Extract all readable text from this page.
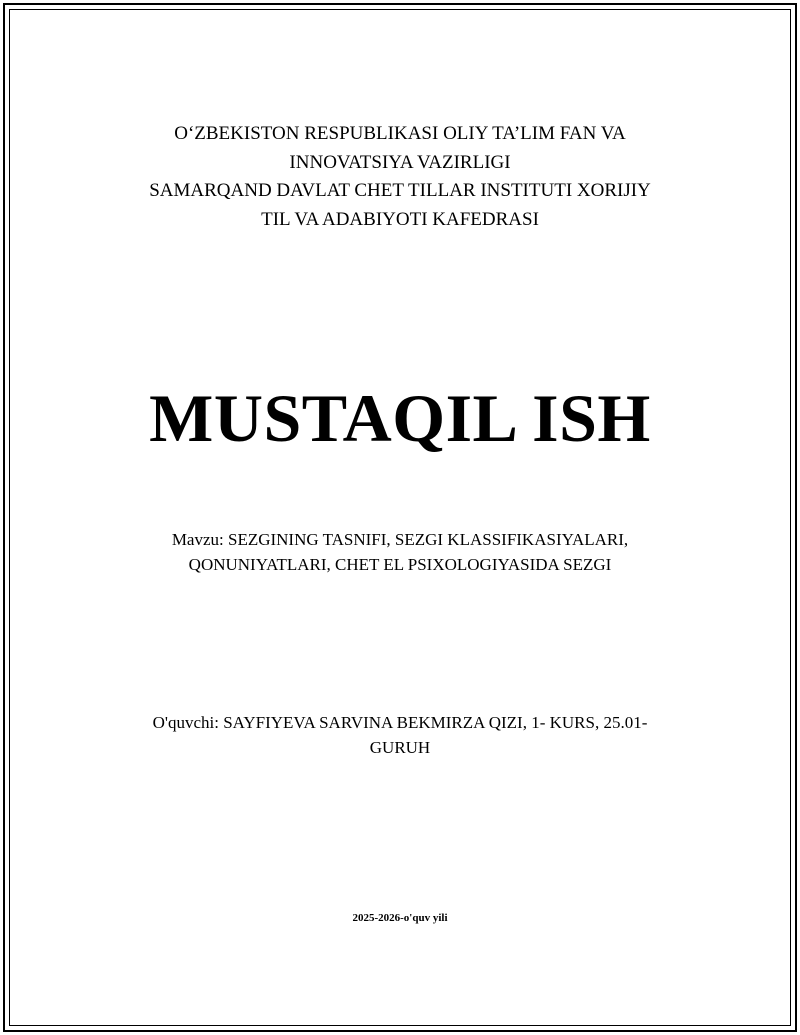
O‘ZBEKISTON RESPUBLIKASI OLIY TA’LIM FAN VA
INNOVATSIYA VAZIRLIGI
SAMARQAND DAVLAT CHET TILLAR INSTITUTI XORIJIY
TIL VA ADABIYOTI KAFEDRASI
MUSTAQIL ISH
Mavzu: SEZGINING TASNIFI, SEZGI KLASSIFIKASIYALARI,
QONUNIYATLARI, CHET EL PSIXOLOGIYASIDA SEZGI
O'quvchi: SAYFIYEVA SARVINA BEKMIRZA QIZI, 1- KURS, 25.01-
GURUH
2025-2026-o'quv yili
